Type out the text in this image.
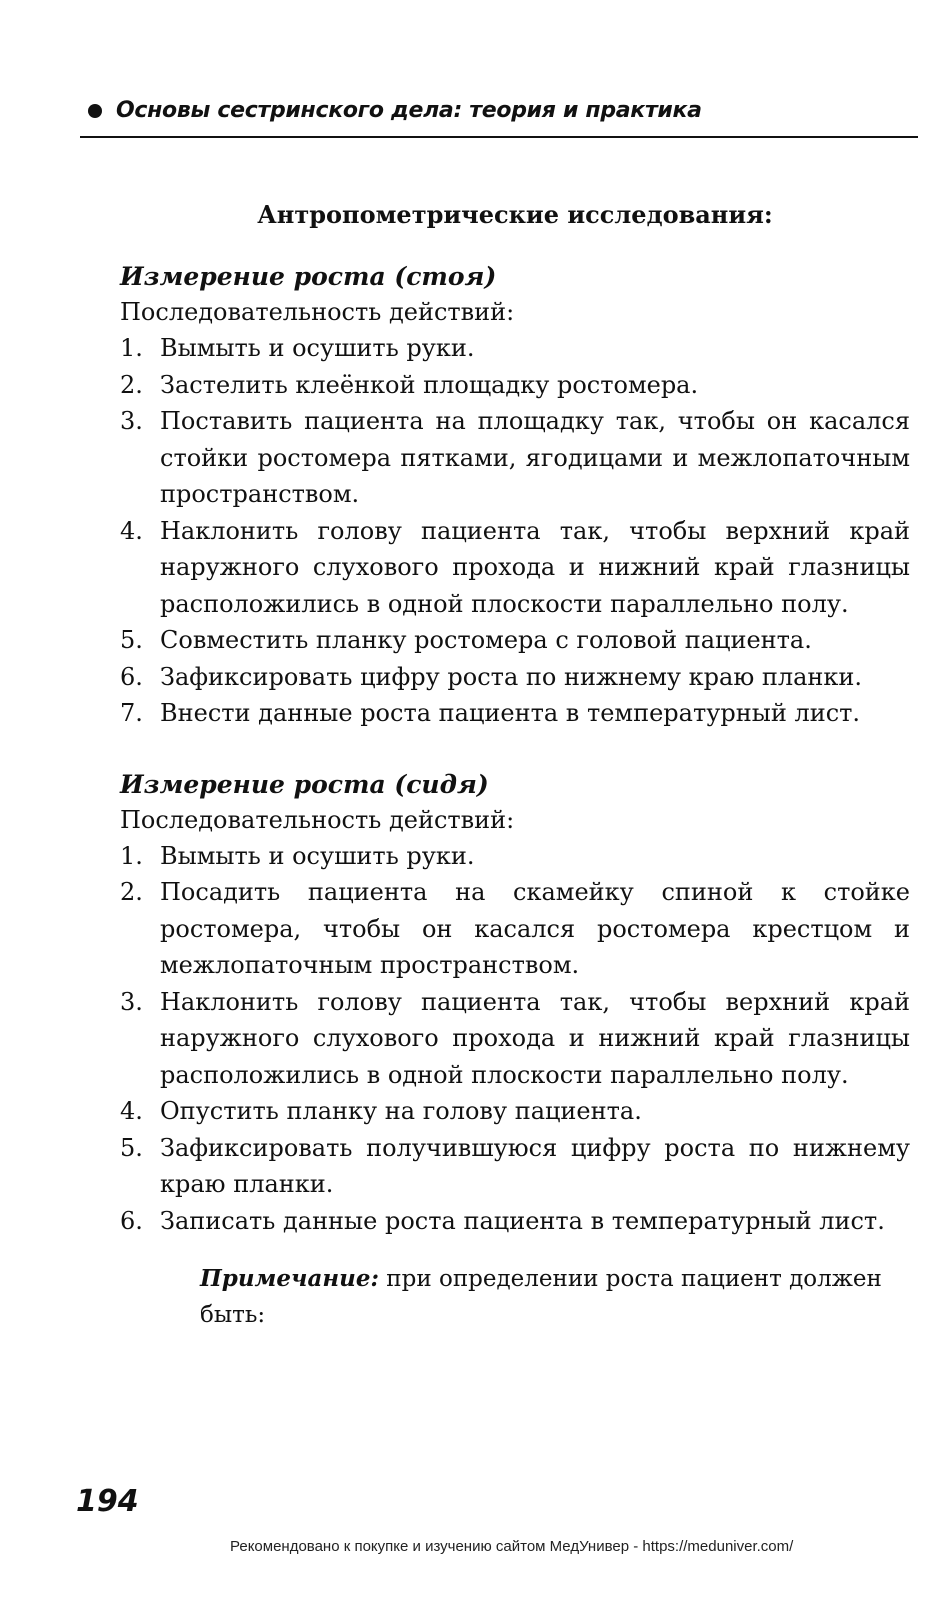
Основы сестринского дела: теория и практика
Антропометрические исследования:

Измерение роста (стоя)

Последовательность действий:

1. Вымыть и осушить руки.
2. Застелить клеёнкой площадку ростомера.
3. Поставить пациента на площадку так, чтобы он касался стойки ростомера пятками, ягодицами и межлопаточным пространством.
4. Наклонить голову пациента так, чтобы верхний край наружного слухового прохода и нижний край глазницы расположились в одной плоскости параллельно полу.
5. Совместить планку ростомера с головой пациента.
6. Зафиксировать цифру роста по нижнему краю планки.
7. Внести данные роста пациента в температурный лист.

Измерение роста (сидя)

Последовательность действий:

1. Вымыть и осушить руки.
2. Посадить пациента на скамейку спиной к стойке ростомера, чтобы он касался ростомера крестцом и межлопаточным пространством.
3. Наклонить голову пациента так, чтобы верхний край наружного слухового прохода и нижний край глазницы расположились в одной плоскости параллельно полу.
4. Опустить планку на голову пациента.
5. Зафиксировать получившуюся цифру роста по нижнему краю планки.
6. Записать данные роста пациента в температурный лист.

Примечание: при определении роста пациент должен быть:

194
Рекомендовано к покупке и изучению сайтом МедУнивер - https://meduniver.com/
